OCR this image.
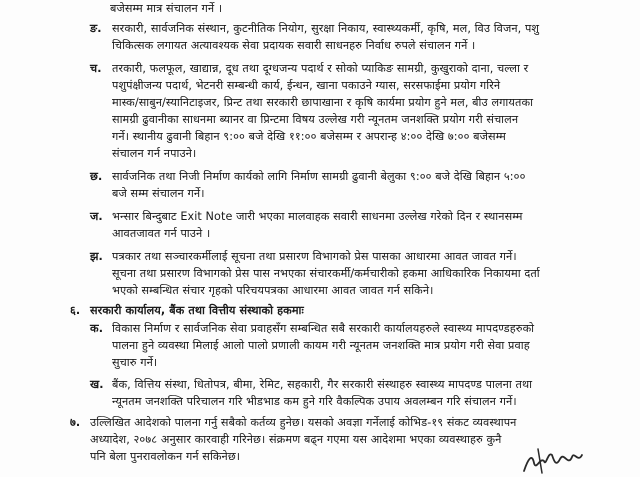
बजेसम्म मात्र संचालन गर्ने ।
ङ. सरकारी, सार्वजनिक संस्थान, कुटनीतिक नियोग, सुरक्षा निकाय, स्वास्थ्यकर्मी, कृषि, मल, विउ विजन, पशु
चिकित्सक लगायत अत्यावश्यक सेवा प्रदायक सवारी साधनहरु निर्वाध रुपले संचालन गर्ने ।
च. तरकारी, फलफूल, खाद्यान्न, दूध तथा दूग्धजन्य पदार्थ र सोको प्याकिङ सामग्री, कुखुराको दाना, चल्ला र
पशुपंक्षीजन्य पदार्थ, भेटनरी सम्बन्धी कार्य, ईन्धन, खाना पकाउने ग्यास, सरसफाईमा प्रयोग गरिने
मास्क/साबुन/स्यानिटाइजर, प्रिन्ट तथा सरकारी छापाखाना र कृषि कार्यमा प्रयोग हुने मल, बीउ लगायतका
सामग्री ढुवानीका साधनमा ब्यानर वा प्रिन्टमा विषय उल्लेख गरी न्यूनतम जनशक्ति प्रयोग गरी संचालन
गर्ने। स्थानीय ढुवानी बिहान ९:०० बजे देखि ११:०० बजेसम्म र अपरान्ह ४:०० देखि ७:०० बजेसम्म
संचालन गर्न नपाउने।
छ. सार्वजनिक तथा निजी निर्माण कार्यको लागि निर्माण सामग्री ढुवानी बेलुका ९:०० बजे देखि बिहान ५:००
बजे सम्म संचालन गर्ने।
ज. भन्सार बिन्दुबाट Exit Note जारी भएका मालवाहक सवारी साधनमा उल्लेख गरेको दिन र स्थानसम्म
आवतजावत गर्न पाउने ।
झ. पत्रकार तथा सञ्चारकर्मीलाई सूचना तथा प्रसारण विभागको प्रेस पासका आधारमा आवत जावत गर्ने।
सूचना तथा प्रसारण विभागको प्रेस पास नभएका संचारकर्मी/कर्मचारीको हकमा आधिकारिक निकायमा दर्ता
भएको सम्बन्धित संचार गृहको परिचयपत्रका आधारमा आवत जावत गर्न सकिने।
६. सरकारी कार्यालय, बैंक तथा वित्तीय संस्थाको हकमाः
क. विकास निर्माण र सार्वजनिक सेवा प्रवाहसँग सम्बन्धित सबै सरकारी कार्यालयहरुले स्वास्थ्य मापदण्डहरुको
पालना हुने व्यवस्था मिलाई आलो पालो प्रणाली कायम गरी न्यूनतम जनशक्ति मात्र प्रयोग गरी सेवा प्रवाह
सुचारु गर्ने।
ख. बैंक, वित्तिय संस्था, धितोपत्र, बीमा, रेमिट, सहकारी, गैर सरकारी संस्थाहरु स्वास्थ्य मापदण्ड पालना तथा
न्यूनतम जनशक्ति परिचालन गरि भीडभाड कम हुने गरि वैकल्पिक उपाय अवलम्बन गरि संचालन गर्ने।
७. उल्लिखित आदेशको पालना गर्नु सबैको कर्तव्य हुनेछ। यसको अवज्ञा गर्नेलाई कोभिड-१९ संकट व्यवस्थापन
अध्यादेश, २०७८ अनुसार कारवाही गरिनेछ। संक्रमण बढ्न गएमा यस आदेशमा भएका व्यवस्थाहरु कुनै
पनि बेला पुनरावलोकन गर्न सकिनेछ।
